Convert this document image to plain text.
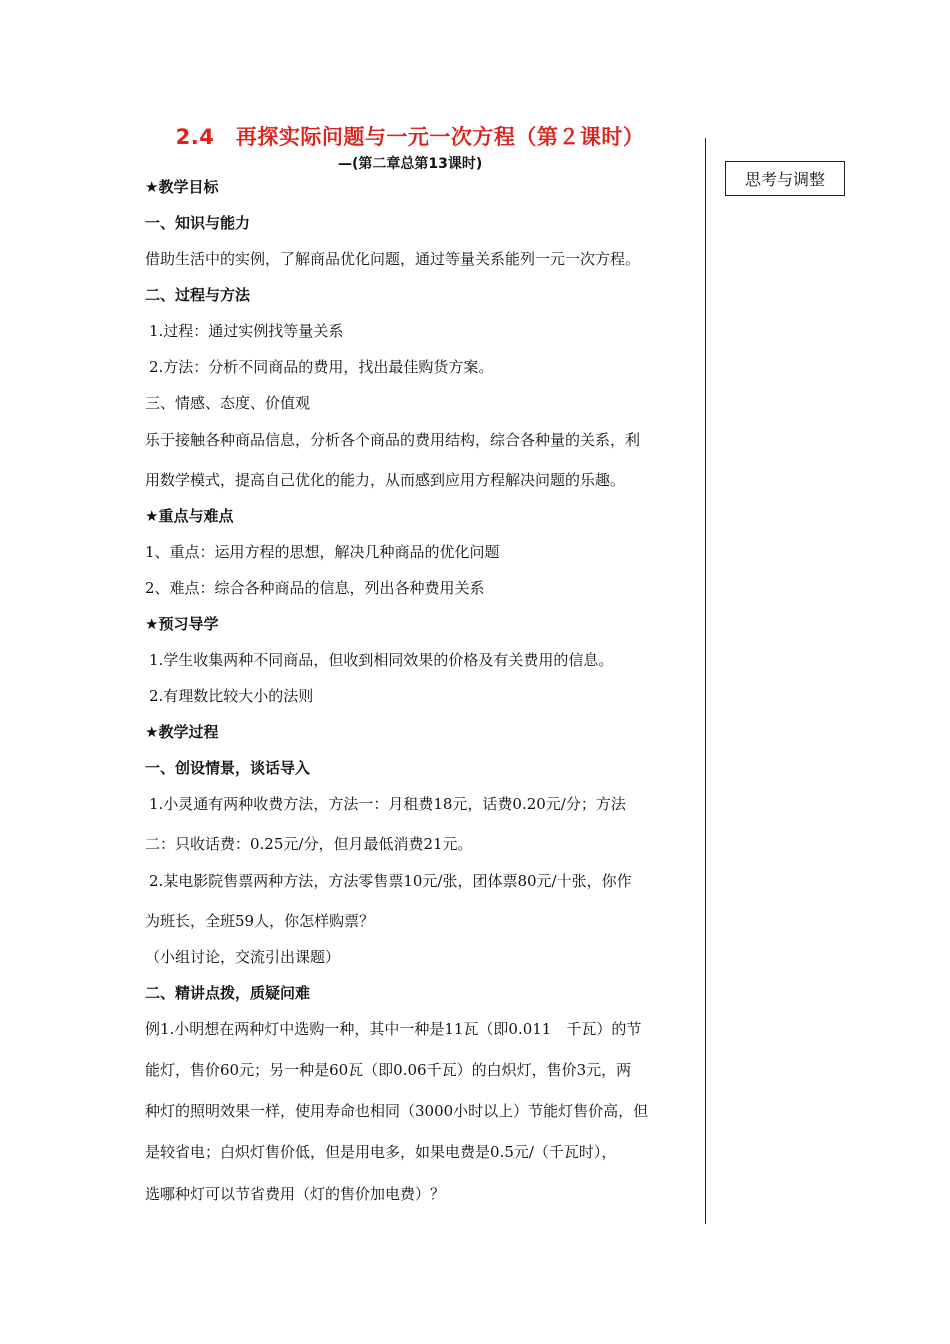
2.4　再探实际问题与一元一次方程（第２课时）
—(第二章总第13课时)
思考与调整
★教学目标
一、知识与能力
借助生活中的实例，了解商品优化问题，通过等量关系能列一元一次方程。
二、过程与方法
1.过程：通过实例找等量关系
2.方法：分析不同商品的费用，找出最佳购货方案。
三、情感、态度、价值观
乐于接触各种商品信息，分析各个商品的费用结构，综合各种量的关系，利
用数学模式，提高自己优化的能力，从而感到应用方程解决问题的乐趣。
★重点与难点
1、重点：运用方程的思想，解决几种商品的优化问题
2、难点：综合各种商品的信息，列出各种费用关系
★预习导学
1.学生收集两种不同商品，但收到相同效果的价格及有关费用的信息。
2.有理数比较大小的法则
★教学过程
一、创设情景，谈话导入
1.小灵通有两种收费方法，方法一：月租费18元，话费0.20元/分；方法
二：只收话费：0.25元/分，但月最低消费21元。
2.某电影院售票两种方法，方法零售票10元/张，团体票80元/十张，你作
为班长，全班59人，你怎样购票？
（小组讨论，交流引出课题）
二、精讲点拨，质疑问难
例1.小明想在两种灯中选购一种，其中一种是11瓦（即0.011　千瓦）的节
能灯，售价60元；另一种是60瓦（即0.06千瓦）的白炽灯，售价3元，两
种灯的照明效果一样，使用寿命也相同（3000小时以上）节能灯售价高，但
是较省电；白炽灯售价低，但是用电多，如果电费是0.5元/（千瓦时），
选哪种灯可以节省费用（灯的售价加电费）？
